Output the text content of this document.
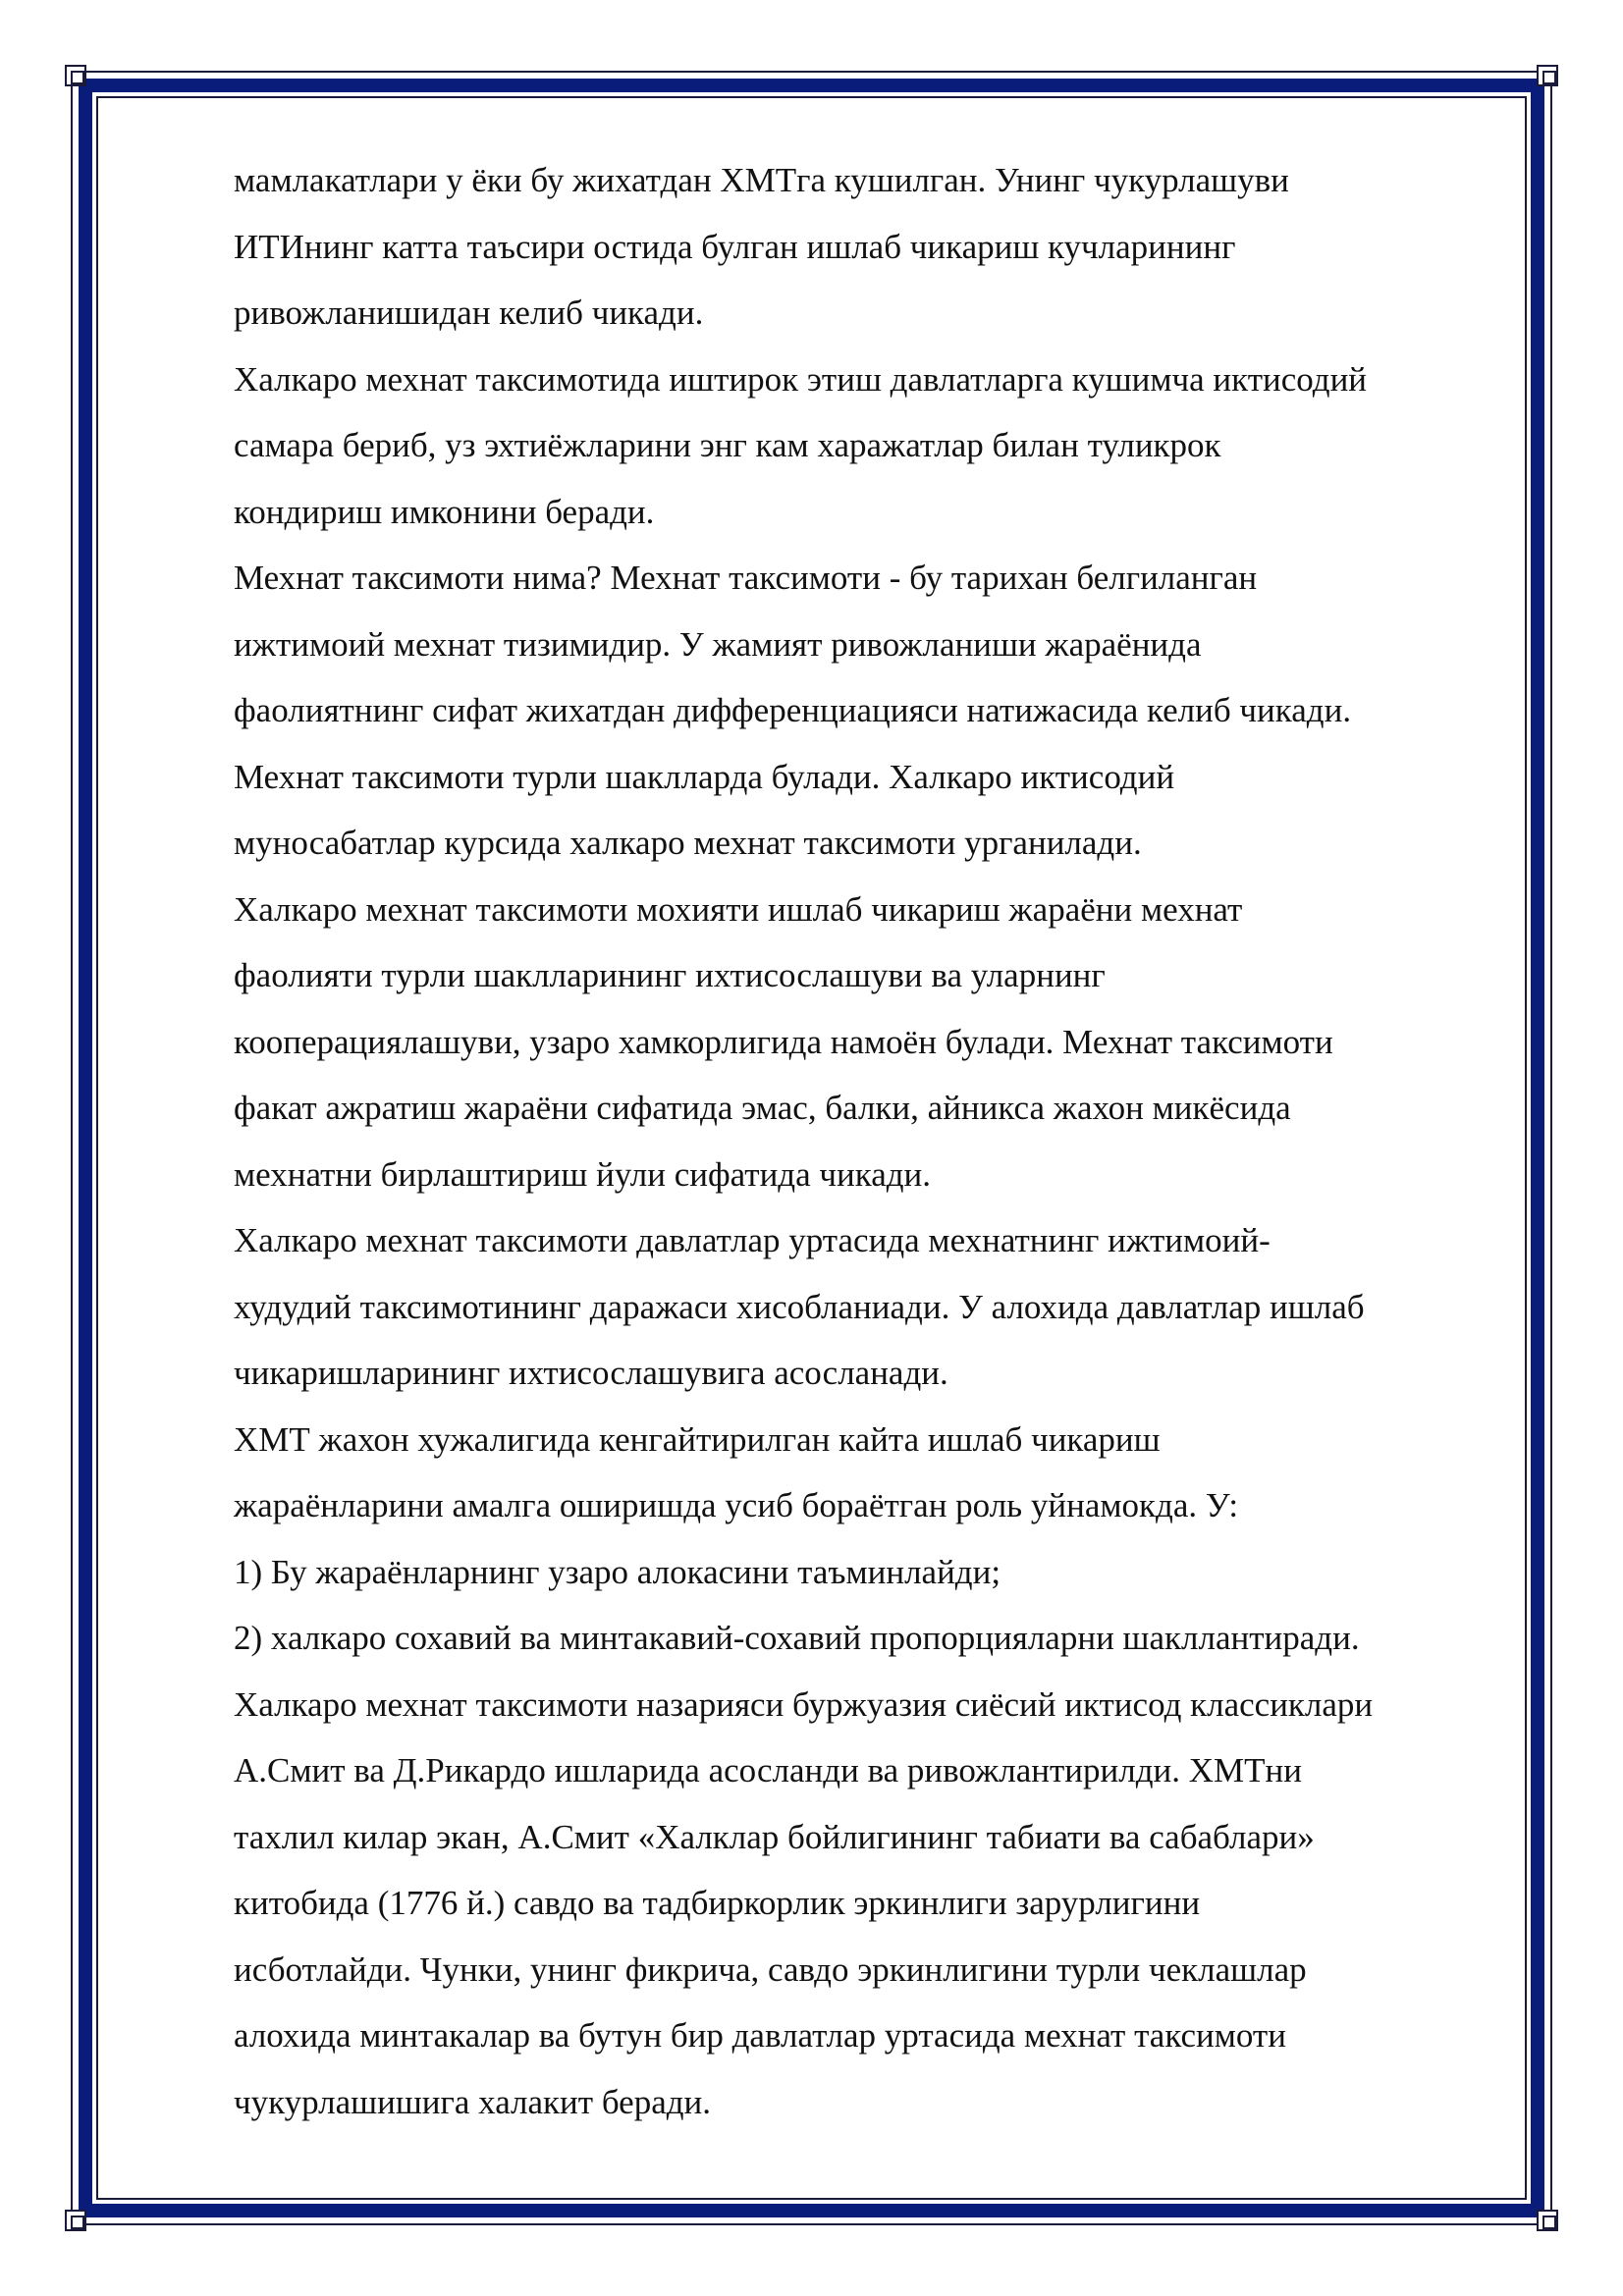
мамлакатлари у ёки бу жихатдан ХМТга кушилган. Унинг чукурлашуви

ИТИнинг катта таъсири остида булган ишлаб чикариш кучларининг

ривожланишидан келиб чикади.

Халкаро мехнат таксимотида иштирок этиш давлатларга кушимча иктисодий

самара бериб, уз эхтиёжларини энг кам харажатлар билан туликрок

кондириш имконини беради.

Мехнат таксимоти нима? Мехнат таксимоти - бу тарихан белгиланган

ижтимоий мехнат тизимидир. У жамият ривожланиши жараёнида

фаолиятнинг сифат жихатдан дифференциацияси натижасида келиб чикади.

Мехнат таксимоти турли шаклларда булади. Халкаро иктисодий

муносабатлар курсида халкаро мехнат таксимоти урганилади.

Халкаро мехнат таксимоти мохияти ишлаб чикариш жараёни мехнат

фаолияти турли шаклларининг ихтисослашуви ва уларнинг

кооперациялашуви, узаро хамкорлигида намоён булади. Мехнат таксимоти

факат ажратиш жараёни сифатида эмас, балки, айникса жахон микёсида

мехнатни бирлаштириш йули сифатида чикади.

Халкаро мехнат таксимоти давлатлар уртасида мехнатнинг ижтимоий-

худудий таксимотининг даражаси хисобланиади. У алохида давлатлар ишлаб

чикаришларининг ихтисослашувига асосланади.

ХМТ жахон хужалигида кенгайтирилган кайта ишлаб чикариш

жараёнларини амалга оширишда усиб бораётган роль уйнамокда. У:

1) Бу жараёнларнинг узаро алокасини таъминлайди;

2) халкаро сохавий ва минтакавий-сохавий пропорцияларни шакллантиради.

Халкаро мехнат таксимоти назарияси буржуазия сиёсий иктисод классиклари

А.Смит ва Д.Рикардо ишларида асосланди ва ривожлантирилди. ХМТни

тахлил килар экан, А.Смит «Халклар бойлигининг табиати ва сабаблари»

китобида (1776 й.) савдо ва тадбиркорлик эркинлиги зарурлигини

исботлайди. Чунки, унинг фикрича, савдо эркинлигини турли чеклашлар

алохида минтакалар ва бутун бир давлатлар уртасида мехнат таксимоти

чукурлашишига халакит беради.
